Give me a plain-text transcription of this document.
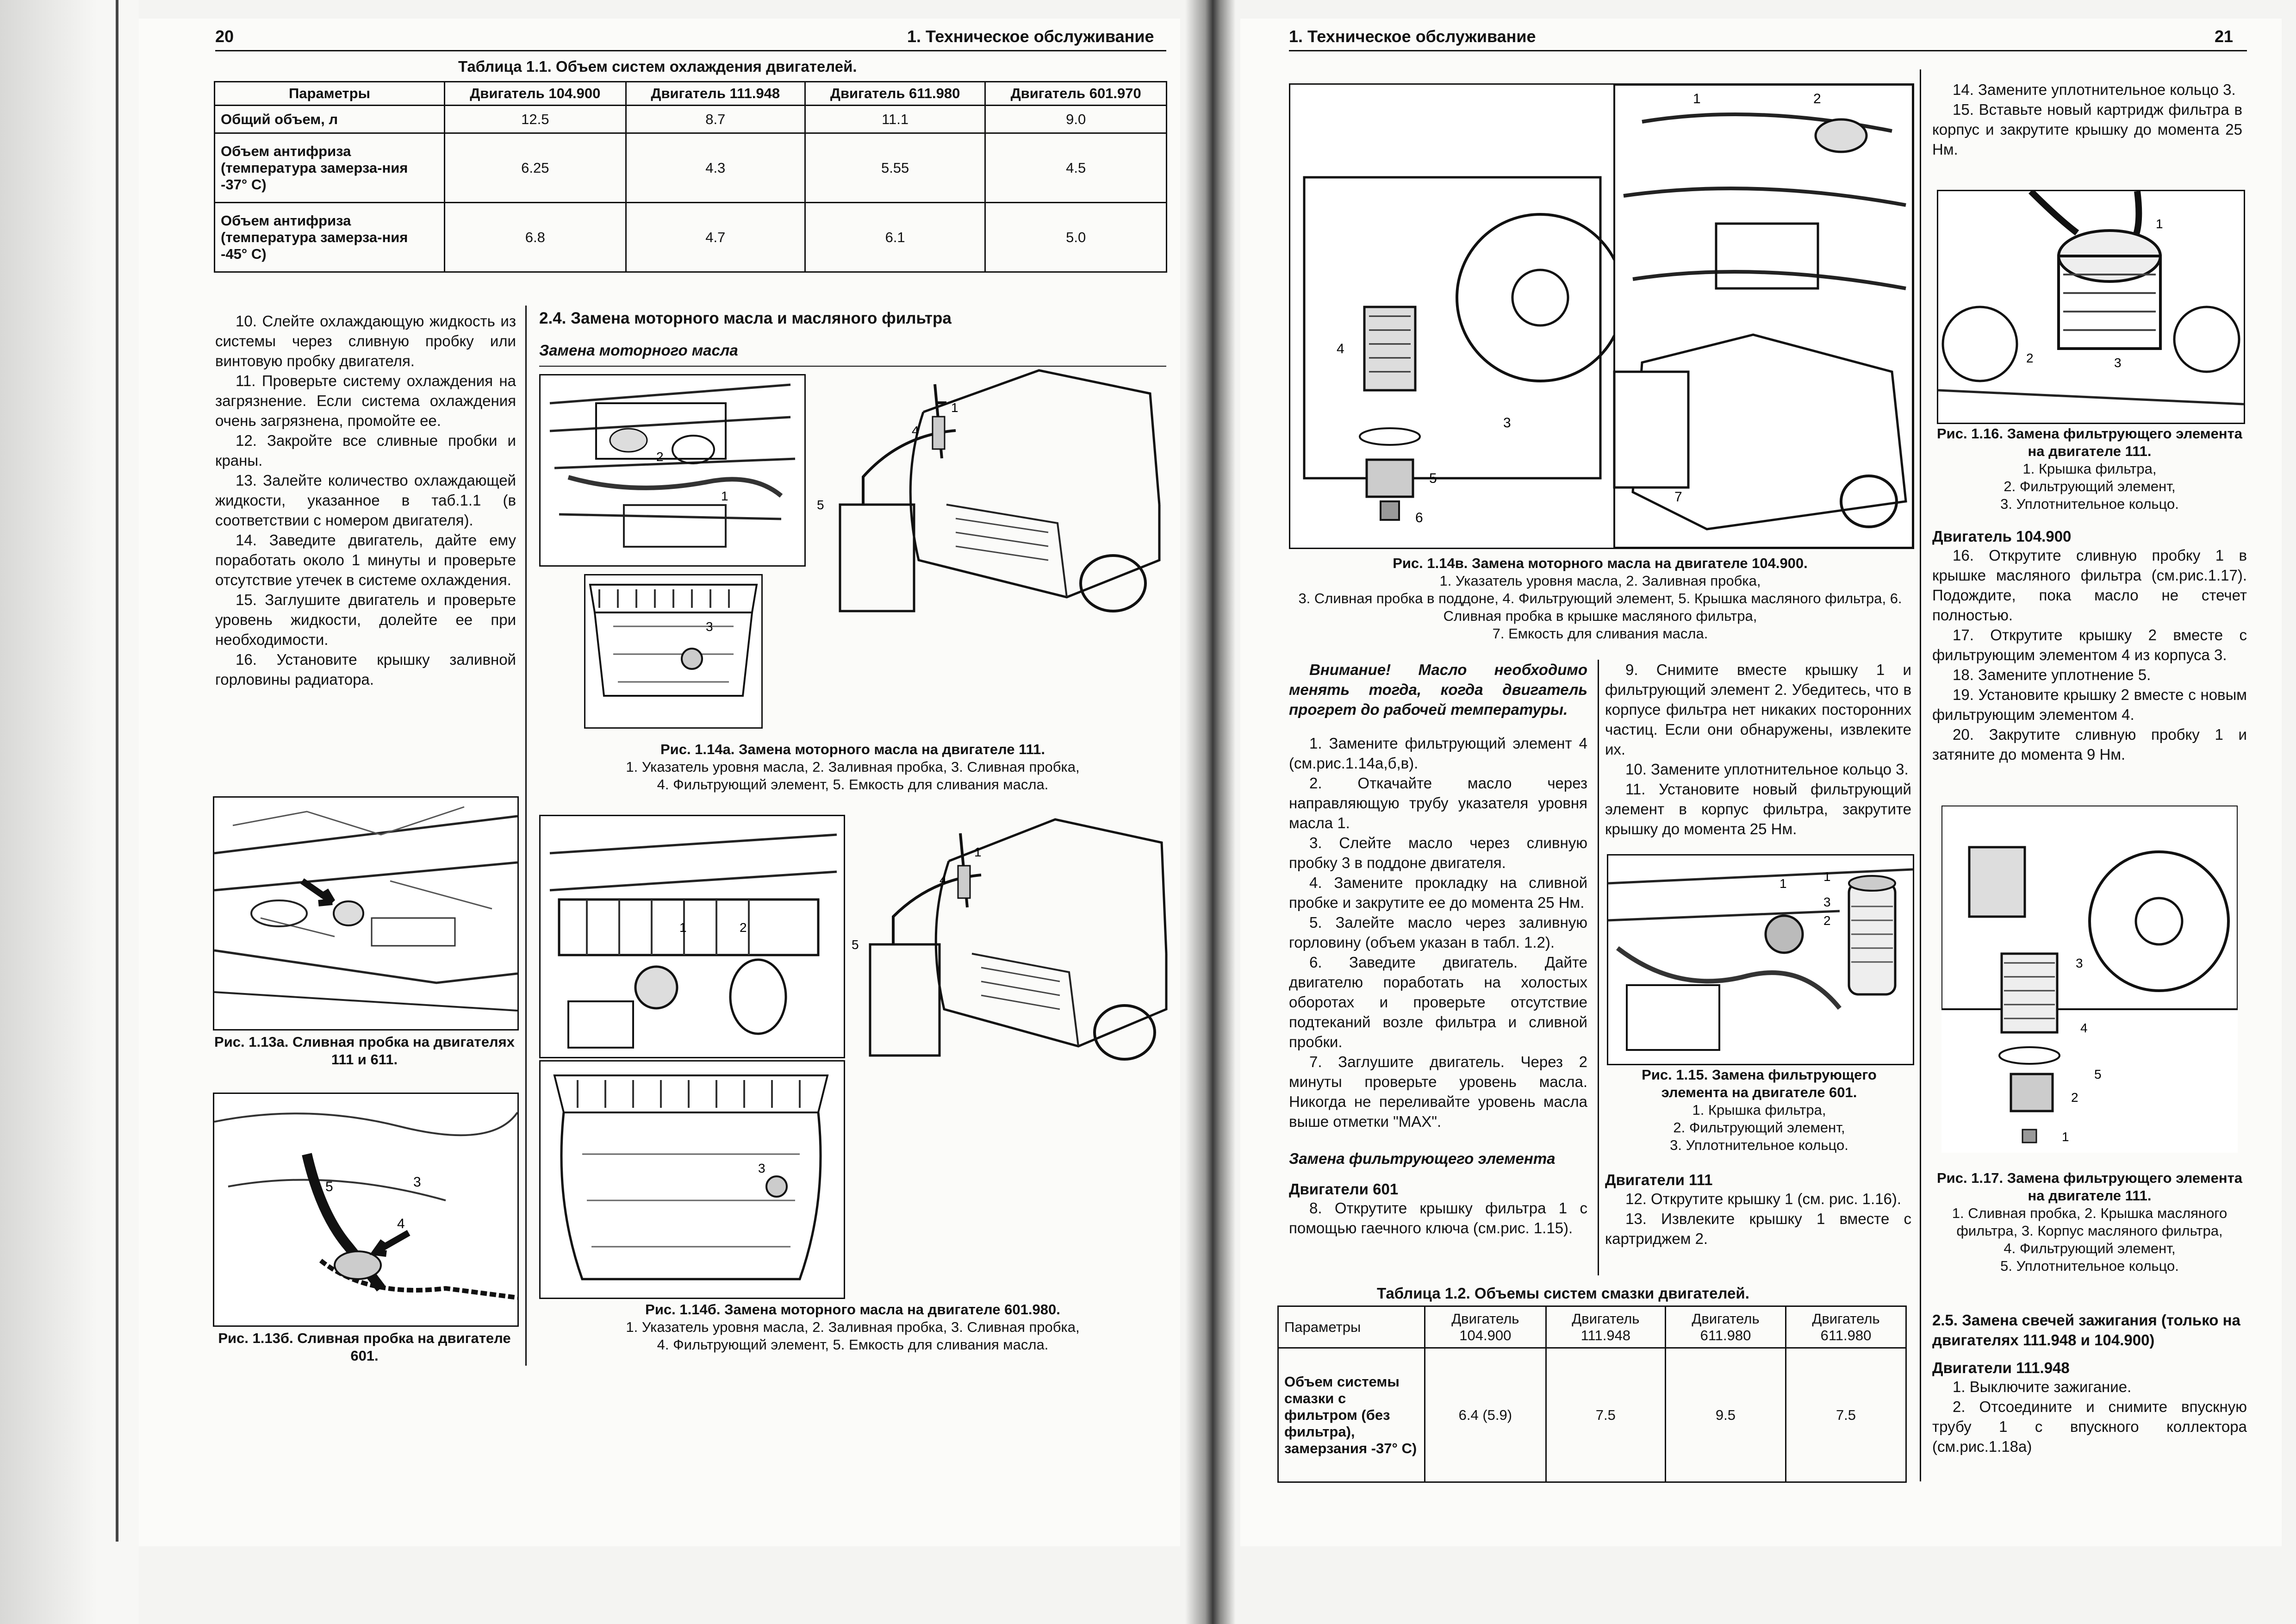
20	1. Техническое обслуживание
Таблица 1.1. Объем систем охлаждения двигателей.
Параметры	Двигатель 104.900	Двигатель 111.948	Двигатель 611.980	Двигатель 601.970
Общий объем, л	12.5	8.7	11.1	9.0
Объем антифриза (температура замерза-ния -37° С)	6.25	4.3	5.55	4.5
Объем антифриза (температура замерза-ния -45° С)	6.8	4.7	6.1	5.0

10. Слейте охлаждающую жидкость из системы через сливную пробку или винтовую пробку двигателя.

11. Проверьте систему охлаждения на загрязнение. Если система охлаждения очень загрязнена, промойте ее.

12. Закройте все сливные пробки и краны.

13. Залейте количество охлаждающей жидкости, указанное в таб.1.1 (в соответствии с номером двигателя).

14. Заведите двигатель, дайте ему поработать около 1 минуты и проверьте отсутствие утечек в системе охлаждения.

15. Заглушите двигатель и проверьте уровень жидкости, долейте ее при необходимости.

16. Установите крышку заливной горловины радиатора.

Рис. 1.13а. Сливная пробка на двигателях 111 и 611.
5	3
4
Рис. 1.13б. Сливная пробка на двигателе 601.
2.4. Замена моторного масла и масляного фильтра
Замена моторного масла
2
1
3
5
4
1
Рис. 1.14а. Замена моторного масла на двигателе 111.
1. Указатель уровня масла, 2. Заливная пробка, 3. Сливная пробка,
4. Фильтрующий элемент, 5. Емкость для сливания масла.
1	2
3
5
4
1
Рис. 1.14б. Замена моторного масла на двигателе 601.980.
1. Указатель уровня масла, 2. Заливная пробка, 3. Сливная пробка,
4. Фильтрующий элемент, 5. Емкость для сливания масла.
1. Техническое обслуживание	21
1	2
3
4
5
6
7
Рис. 1.14в. Замена моторного масла на двигателе 104.900.
1. Указатель уровня масла, 2. Заливная пробка,
3. Сливная пробка в поддоне, 4. Фильтрующий элемент, 5. Крышка масляного фильтра, 6. Сливная пробка в крышке масляного фильтра,
7. Емкость для сливания масла.
Внимание! Масло необходимо менять тогда, когда двигатель прогрет до рабочей температуры.

1. Замените фильтрующий элемент 4 (см.рис.1.14а,б,в).

2. Откачайте масло через направляющую трубу указателя уровня масла 1.

3. Слейте масло через сливную пробку 3 в поддоне двигателя.

4. Замените прокладку на сливной пробке и закрутите ее до момента 25 Нм.

5. Залейте масло через заливную горловину (объем указан в табл. 1.2).

6. Заведите двигатель. Дайте двигателю поработать на холостых оборотах и проверьте отсутствие подтеканий возле фильтра и сливной пробки.

7. Заглушите двигатель. Через 2 минуты проверьте уровень масла. Никогда не переливайте уровень масла выше отметки "MAX".

Замена фильтрующего элемента
Двигатели 601

8. Открутите крышку фильтра 1 с помощью гаечного ключа (см.рис. 1.15).

9. Снимите вместе крышку 1 и фильтрующий элемент 2. Убедитесь, что в корпусе фильтра нет никаких посторонних частиц. Если они обнаружены, извлеките их.

10. Замените уплотнительное кольцо 3.

11. Установите новый фильтрующий элемент в корпус фильтра, закрутите крышку до момента 25 Нм.

1	1
3
2
Рис. 1.15. Замена фильтрующего элемента на двигателе 601.
1. Крышка фильтра,
2. Фильтрующий элемент,
3. Уплотнительное кольцо.
Двигатели 111

12. Открутите крышку 1 (см. рис. 1.16).

13. Извлеките крышку 1 вместе с картриджем 2.

Таблица 1.2. Объемы систем смазки двигателей.
Параметры	Двигатель 104.900	Двигатель 111.948	Двигатель 611.980	Двигатель 611.980
Объем системы смазки с фильтром (без фильтра), замерзания -37° С)	6.4 (5.9)	7.5	9.5	7.5

14. Замените уплотнительное кольцо 3.

15. Вставьте новый картридж фильтра в корпус и закрутите крышку до момента 25 Нм.

1
2	3
Рис. 1.16. Замена фильтрующего элемента на двигателе 111.
1. Крышка фильтра,
2. Фильтрующий элемент,
3. Уплотнительное кольцо.
Двигатель 104.900

16. Открутите сливную пробку 1 в крышке масляного фильтра (см.рис.1.17). Подождите, пока масло не стечет полностью.

17. Открутите крышку 2 вместе с фильтрующим элементом 4 из корпуса 3.

18. Замените уплотнение 5.

19. Установите крышку 2 вместе с новым фильтрующим элементом 4.

20. Закрутите сливную пробку 1 и затяните до момента 9 Нм.

3
4
5
2
1
Рис. 1.17. Замена фильтрующего элемента на двигателе 111.
1. Сливная пробка, 2. Крышка масляного фильтра, 3. Корпус масляного фильтра,
4. Фильтрующий элемент,
5. Уплотнительное кольцо.
2.5. Замена свечей зажигания (только на двигателях 111.948 и 104.900)
Двигатели 111.948

1. Выключите зажигание.

2. Отсоедините и снимите впускную трубу 1 с впускного коллектора (см.рис.1.18а)
